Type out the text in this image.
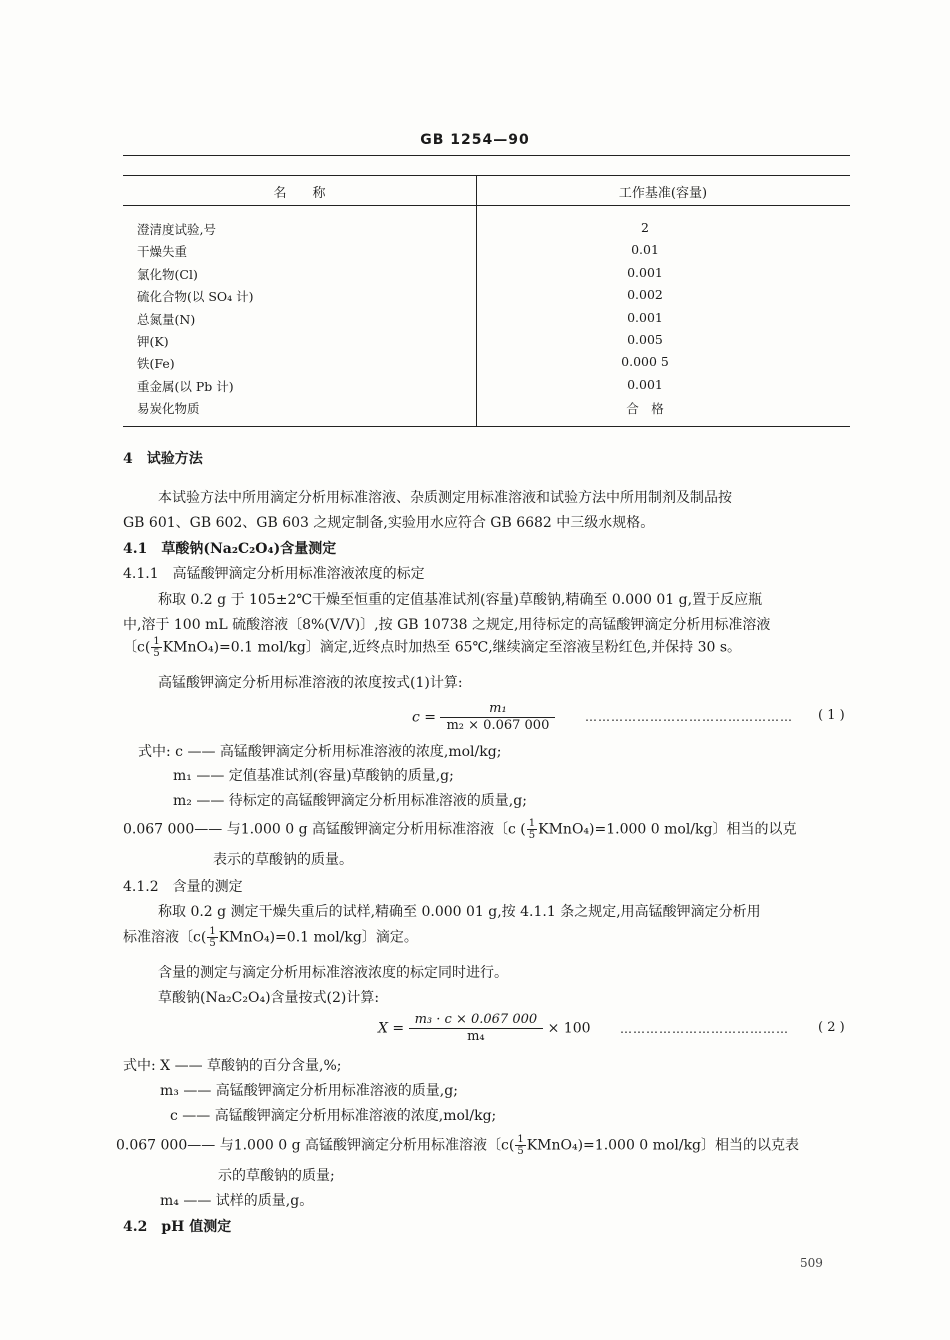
GB 1254—90
名　　称	工作基准(容量)
澄清度试验,号	2
干燥失重	0.01
氯化物(Cl)	0.001
硫化合物(以 SO₄ 计)	0.002
总氮量(N)	0.001
钾(K)	0.005
铁(Fe)	0.000 5
重金属(以 Pb 计)	0.001
易炭化物质	合　格
4　试验方法
本试验方法中所用滴定分析用标准溶液、杂质测定用标准溶液和试验方法中所用制剂及制品按
GB 601、GB 602、GB 603 之规定制备,实验用水应符合 GB 6682 中三级水规格。
4.1　草酸钠(Na₂C₂O₄)含量测定
4.1.1　高锰酸钾滴定分析用标准溶液浓度的标定
称取 0.2 g 于 105±2℃干燥至恒重的定值基准试剂(容量)草酸钠,精确至 0.000 01 g,置于反应瓶
中,溶于 100 mL 硫酸溶液〔8%(V/V)〕,按 GB 10738 之规定,用待标定的高锰酸钾滴定分析用标准溶液
〔$c( \frac{1}{5}$ KMnO₄)=0.1 mol/kg〕滴定,近终点时加热至 65℃,继续滴定至溶液呈粉红色,并保持 30 s。
高锰酸钾滴定分析用标准溶液的浓度按式(1)计算:
$c = \frac{\text{m₁}}{\text{m₂ × 0.067 000}}$ ………………………………………… ( 1 )
式中: c —— 高锰酸钾滴定分析用标准溶液的浓度,mol/kg;
m₁ —— 定值基准试剂(容量)草酸钠的质量,g;
m₂ —— 待标定的高锰酸钾滴定分析用标准溶液的质量,g;
0.067 000—— 与1.000 0 g 高锰酸钾滴定分析用标准溶液〔c ( $\frac{1}{5}$ KMnO₄)=1.000 0 mol/kg〕相当的以克
表示的草酸钠的质量。
4.1.2　含量的测定
称取 0.2 g 测定干燥失重后的试样,精确至 0.000 01 g,按 4.1.1 条之规定,用高锰酸钾滴定分析用
标准溶液〔$c( \frac{1}{5}$ KMnO₄)=0.1 mol/kg〕滴定。
含量的测定与滴定分析用标准溶液浓度的标定同时进行。
草酸钠(Na₂C₂O₄)含量按式(2)计算:
$X = \frac{\text{m₃ · c × 0.067 000}}{\text{m₄}} \times 100$ ………………………………… ( 2 )
式中: X —— 草酸钠的百分含量,%;
m₃ —— 高锰酸钾滴定分析用标准溶液的质量,g;
c —— 高锰酸钾滴定分析用标准溶液的浓度,mol/kg;
0.067 000—— 与1.000 0 g 高锰酸钾滴定分析用标准溶液〔$c( \frac{1}{5}$ KMnO₄)=1.000 0 mol/kg〕相当的以克表
示的草酸钠的质量;
m₄ —— 试样的质量,g。
4.2　pH 值测定
509
